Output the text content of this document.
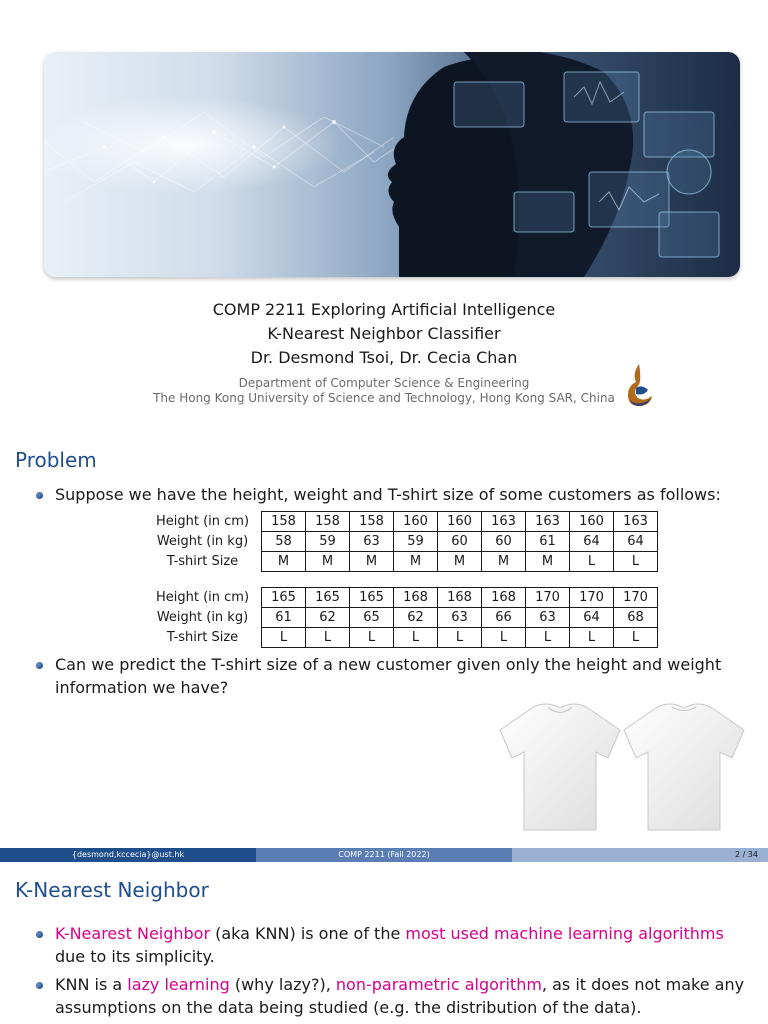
COMP 2211 Exploring Artificial Intelligence
K-Nearest Neighbor Classifier
Dr. Desmond Tsoi, Dr. Cecia Chan
Department of Computer Science & Engineering
The Hong Kong University of Science and Technology, Hong Kong SAR, China
Problem
Suppose we have the height, weight and T-shirt size of some customers as follows:
Height (in cm)	158	158	158	160	160	163	163	160	163
Weight (in kg)	58	59	63	59	60	60	61	64	64
T-shirt Size	M	M	M	M	M	M	M	L	L
Height (in cm)	165	165	165	168	168	168	170	170	170
Weight (in kg)	61	62	65	62	63	66	63	64	68
T-shirt Size	L	L	L	L	L	L	L	L	L
Can we predict the T-shirt size of a new customer given only the height and weight information we have?
{desmond,kccecia}@ust.hk	COMP 2211 (Fall 2022)	2 / 34
K-Nearest Neighbor
K-Nearest Neighbor (aka KNN) is one of the most used machine learning algorithms due to its simplicity.
KNN is a lazy learning (why lazy?), non-parametric algorithm, as it does not make any assumptions on the data being studied (e.g. the distribution of the data).
